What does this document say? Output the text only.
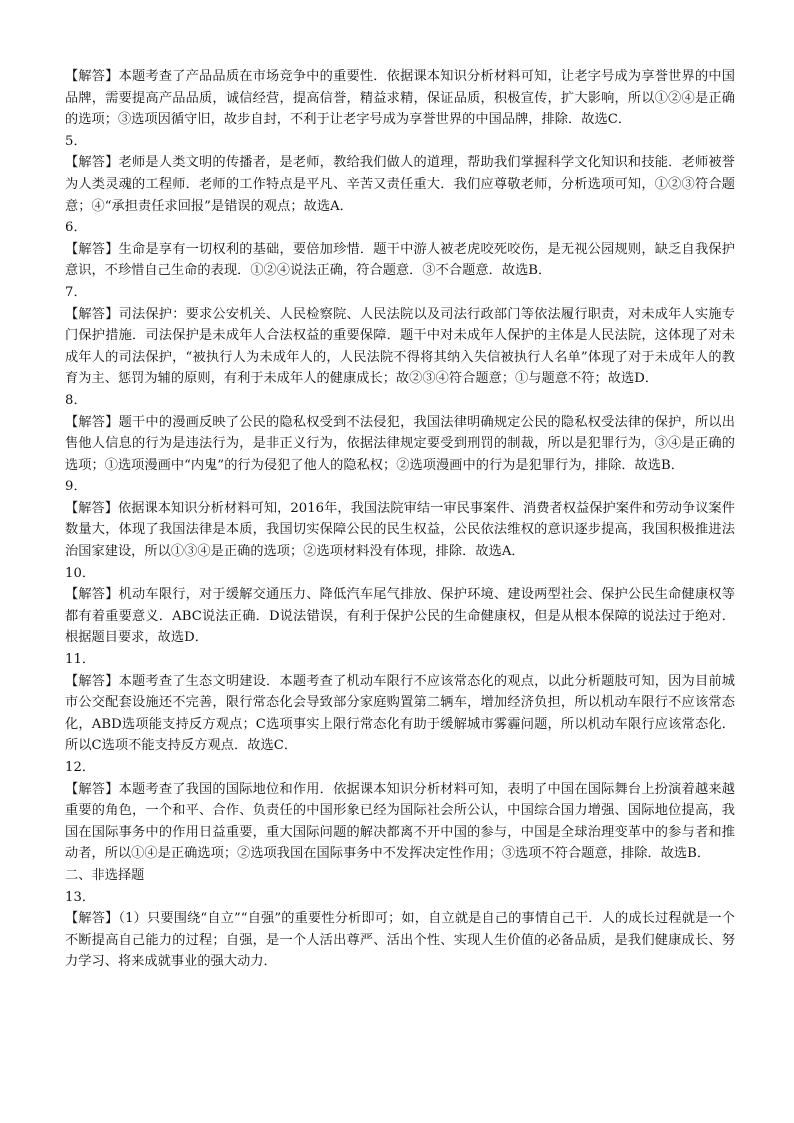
【解答】本题考查了产品品质在市场竞争中的重要性．依据课本知识分析材料可知，让老字号成为享誉世界的中国品牌，需要提高产品品质，诚信经营，提高信誉，精益求精，保证品质，积极宣传，扩大影响，所以①②④是正确的选项；③选项因循守旧，故步自封，不利于让老字号成为享誉世界的中国品牌，排除．故选C．

5．

【解答】老师是人类文明的传播者，是老师，教给我们做人的道理，帮助我们掌握科学文化知识和技能．老师被誉为人类灵魂的工程师．老师的工作特点是平凡、辛苦又责任重大．我们应尊敬老师，分析选项可知，①②③符合题意；④“承担责任求回报”是错误的观点；故选A．

6．

【解答】生命是享有一切权利的基础，要倍加珍惜．题干中游人被老虎咬死咬伤，是无视公园规则，缺乏自我保护意识，不珍惜自己生命的表现．①②④说法正确，符合题意．③不合题意．故选B．

7．

【解答】司法保护：要求公安机关、人民检察院、人民法院以及司法行政部门等依法履行职责，对未成年人实施专门保护措施．司法保护是未成年人合法权益的重要保障．题干中对未成年人保护的主体是人民法院，这体现了对未成年人的司法保护，“被执行人为未成年人的，人民法院不得将其纳入失信被执行人名单”体现了对于未成年人的教育为主、惩罚为辅的原则，有利于未成年人的健康成长；故②③④符合题意；①与题意不符；故选D．

8．

【解答】题干中的漫画反映了公民的隐私权受到不法侵犯，我国法律明确规定公民的隐私权受法律的保护，所以出售他人信息的行为是违法行为，是非正义行为，依据法律规定要受到刑罚的制裁，所以是犯罪行为，③④是正确的选项；①选项漫画中“内鬼”的行为侵犯了他人的隐私权；②选项漫画中的行为是犯罪行为，排除．故选B．

9．

【解答】依据课本知识分析材料可知，2016年，我国法院审结一审民事案件、消费者权益保护案件和劳动争议案件数量大，体现了我国法律是本质，我国切实保障公民的民生权益，公民依法维权的意识逐步提高，我国积极推进法治国家建设，所以①③④是正确的选项；②选项材料没有体现，排除．故选A．

10．

【解答】机动车限行，对于缓解交通压力、降低汽车尾气排放、保护环境、建设两型社会、保护公民生命健康权等都有着重要意义．ABC说法正确．D说法错误，有利于保护公民的生命健康权，但是从根本保障的说法过于绝对．根据题目要求，故选D．

11．

【解答】本题考查了生态文明建设．本题考查了机动车限行不应该常态化的观点，以此分析题肢可知，因为目前城市公交配套设施还不完善，限行常态化会导致部分家庭购置第二辆车，增加经济负担，所以机动车限行不应该常态化，ABD选项能支持反方观点；C选项事实上限行常态化有助于缓解城市雾霾问题，所以机动车限行应该常态化．所以C选项不能支持反方观点．故选C．

12．

【解答】本题考查了我国的国际地位和作用．依据课本知识分析材料可知，表明了中国在国际舞台上扮演着越来越重要的角色，一个和平、合作、负责任的中国形象已经为国际社会所公认，中国综合国力增强、国际地位提高，我国在国际事务中的作用日益重要，重大国际问题的解决都离不开中国的参与，中国是全球治理变革中的参与者和推动者，所以①④是正确选项；②选项我国在国际事务中不发挥决定性作用；③选项不符合题意，排除．故选B．

二、非选择题

13．

【解答】（1）只要围绕“自立”“自强”的重要性分析即可；如，自立就是自己的事情自己干．人的成长过程就是一个不断提高自己能力的过程；自强，是一个人活出尊严、活出个性、实现人生价值的必备品质，是我们健康成长、努力学习、将来成就事业的强大动力．
